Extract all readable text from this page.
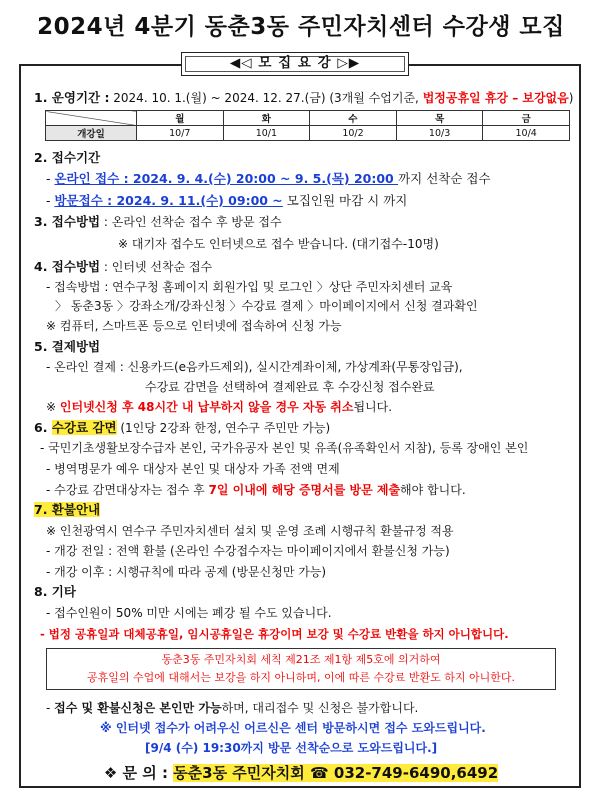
2024년 4분기 동춘3동 주민자치센터 수강생 모집
◀◁ 모 집 요 강 ▷▶
1. 운영기간 : 2024. 10. 1.(월) ~ 2024. 12. 27.(금) (3개월 수업기준, 법정공휴일 휴강 – 보강없음)
	월	화	수	목	금
개강일	10/7	10/1	10/2	10/3	10/4
2. 접수기간
- 온라인 접수 : 2024. 9. 4.(수) 20:00 ~ 9. 5.(목) 20:00 까지 선착순 접수
- 방문접수 : 2024. 9. 11.(수) 09:00 ~ 모집인원 마감 시 까지
3. 접수방법 : 온라인 선착순 접수 후 방문 접수
※ 대기자 접수도 인터넷으로 접수 받습니다. (대기접수-10명)
4. 접수방법 : 인터넷 선착순 접수
- 접속방법 : 연수구청 홈페이지 회원가입 및 로그인 〉상단 주민자치센터 교육
〉 동춘3동 〉강좌소개/강좌신청 〉수강료 결제 〉마이페이지에서 신청 결과확인
※ 컴퓨터, 스마트폰 등으로 인터넷에 접속하여 신청 가능
5. 결제방법
- 온라인 결제 : 신용카드(e음카드제외), 실시간계좌이체, 가상계좌(무통장입금),
수강료 감면을 선택하여 결제완료 후 수강신청 접수완료
※ 인터넷신청 후 48시간 내 납부하지 않을 경우 자동 취소됩니다.
6. 수강료 감면 (1인당 2강좌 한정, 연수구 주민만 가능)
- 국민기초생활보장수급자 본인, 국가유공자 본인 및 유족(유족확인서 지참), 등록 장애인 본인
- 병역명문가 예우 대상자 본인 및 대상자 가족 전액 면제
- 수강료 감면대상자는 접수 후 7일 이내에 해당 증명서를 방문 제출해야 합니다.
7. 환불안내
※ 인천광역시 연수구 주민자치센터 설치 및 운영 조례 시행규칙 환불규정 적용
- 개강 전일 : 전액 환불 (온라인 수강접수자는 마이페이지에서 환불신청 가능)
- 개강 이후 : 시행규칙에 따라 공제 (방문신청만 가능)
8. 기타
- 접수인원이 50% 미만 시에는 폐강 될 수도 있습니다.
- 법정 공휴일과 대체공휴일, 임시공휴일은 휴강이며 보강 및 수강료 반환을 하지 아니합니다.
동춘3동 주민자치회 세칙 제21조 제1항 제5호에 의거하여
공휴일의 수업에 대해서는 보강을 하지 아니하며, 이에 따른 수강료 반환도 하지 아니한다.
- 접수 및 환불신청은 본인만 가능하며, 대리접수 및 신청은 불가합니다.
※ 인터넷 접수가 어려우신 어르신은 센터 방문하시면 접수 도와드립니다.
[9/4 (수) 19:30까지 방문 선착순으로 도와드립니다.]
❖ 문 의 : 동춘3동 주민자치회 ☎ 032-749-6490,6492
